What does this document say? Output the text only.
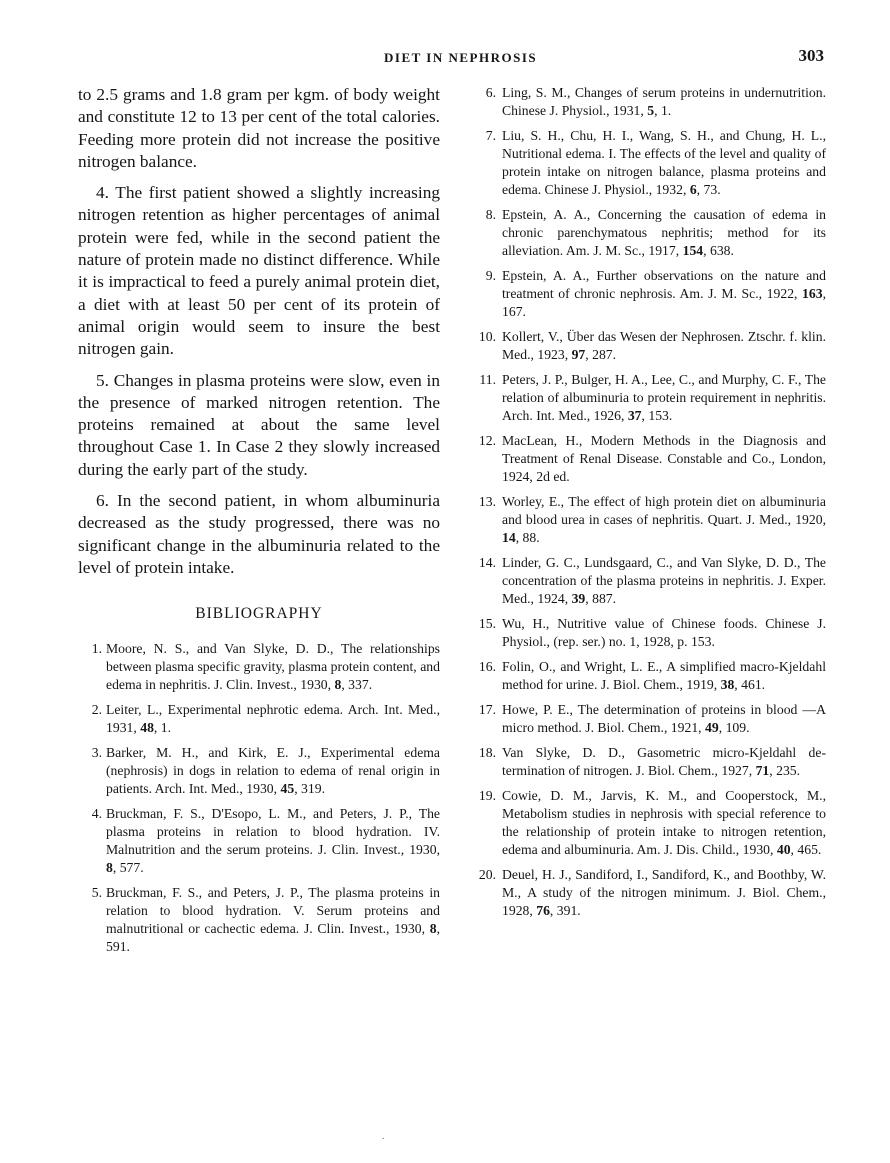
DIET IN NEPHROSIS	303

to 2.5 grams and 1.8 gram per kgm. of body weight and constitute 12 to 13 per cent of the total calories. Feeding more protein did not increase the positive nitrogen balance.

4. The first patient showed a slightly increasing nitrogen retention as higher percentages of animal protein were fed, while in the second patient the nature of protein made no distinct difference. While it is impractical to feed a purely animal protein diet, a diet with at least 50 per cent of its protein of animal origin would seem to insure the best nitrogen gain.

5. Changes in plasma proteins were slow, even in the presence of marked nitrogen retention. The proteins remained at about the same level throughout Case 1. In Case 2 they slowly increased during the early part of the study.

6. In the second patient, in whom albuminuria decreased as the study progressed, there was no significant change in the albuminuria related to the level of protein intake.

BIBLIOGRAPHY
1. Moore, N. S., and Van Slyke, D. D., The relationships between plasma specific gravity, plasma protein content, and edema in nephritis. J. Clin. Invest., 1930, 8, 337.
2. Leiter, L., Experimental nephrotic edema. Arch. Int. Med., 1931, 48, 1.
3. Barker, M. H., and Kirk, E. J., Experimental edema (nephrosis) in dogs in relation to edema of renal origin in patients. Arch. Int. Med., 1930, 45, 319.
4. Bruckman, F. S., D'Esopo, L. M., and Peters, J. P., The plasma proteins in relation to blood hydration. IV. Malnutrition and the serum proteins. J. Clin. Invest., 1930, 8, 577.
5. Bruckman, F. S., and Peters, J. P., The plasma proteins in relation to blood hydration. V. Serum proteins and malnutritional or cachectic edema. J. Clin. Invest., 1930, 8, 591.
6. Ling, S. M., Changes of serum proteins in undernutrition. Chinese J. Physiol., 1931, 5, 1.
7. Liu, S. H., Chu, H. I., Wang, S. H., and Chung, H. L., Nutritional edema. I. The effects of the level and quality of protein intake on nitrogen balance, plasma proteins and edema. Chinese J. Physiol., 1932, 6, 73.
8. Epstein, A. A., Concerning the causation of edema in chronic parenchymatous nephritis; method for its alleviation. Am. J. M. Sc., 1917, 154, 638.
9. Epstein, A. A., Further observations on the nature and treatment of chronic nephrosis. Am. J. M. Sc., 1922, 163, 167.
10. Kollert, V., Über das Wesen der Nephrosen. Ztschr. f. klin. Med., 1923, 97, 287.
11. Peters, J. P., Bulger, H. A., Lee, C., and Murphy, C. F., The relation of albuminuria to protein requirement in nephritis. Arch. Int. Med., 1926, 37, 153.
12. MacLean, H., Modern Methods in the Diagnosis and Treatment of Renal Disease. Constable and Co., London, 1924, 2d ed.
13. Worley, E., The effect of high protein diet on albuminuria and blood urea in cases of nephritis. Quart. J. Med., 1920, 14, 88.
14. Linder, G. C., Lundsgaard, C., and Van Slyke, D. D., The concentration of the plasma proteins in nephritis. J. Exper. Med., 1924, 39, 887.
15. Wu, H., Nutritive value of Chinese foods. Chinese J. Physiol., (rep. ser.) no. 1, 1928, p. 153.
16. Folin, O., and Wright, L. E., A simplified macro-Kjeldahl method for urine. J. Biol. Chem., 1919, 38, 461.
17. Howe, P. E., The determination of proteins in blood —A micro method. J. Biol. Chem., 1921, 49, 109.
18. Van Slyke, D. D., Gasometric micro-Kjeldahl determination of nitrogen. J. Biol. Chem., 1927, 71, 235.
19. Cowie, D. M., Jarvis, K. M., and Cooperstock, M., Metabolism studies in nephrosis with special reference to the relationship of protein intake to nitrogen retention, edema and albuminuria. Am. J. Dis. Child., 1930, 40, 465.
20. Deuel, H. J., Sandiford, I., Sandiford, K., and Boothby, W. M., A study of the nitrogen minimum. J. Biol. Chem., 1928, 76, 391.
.
